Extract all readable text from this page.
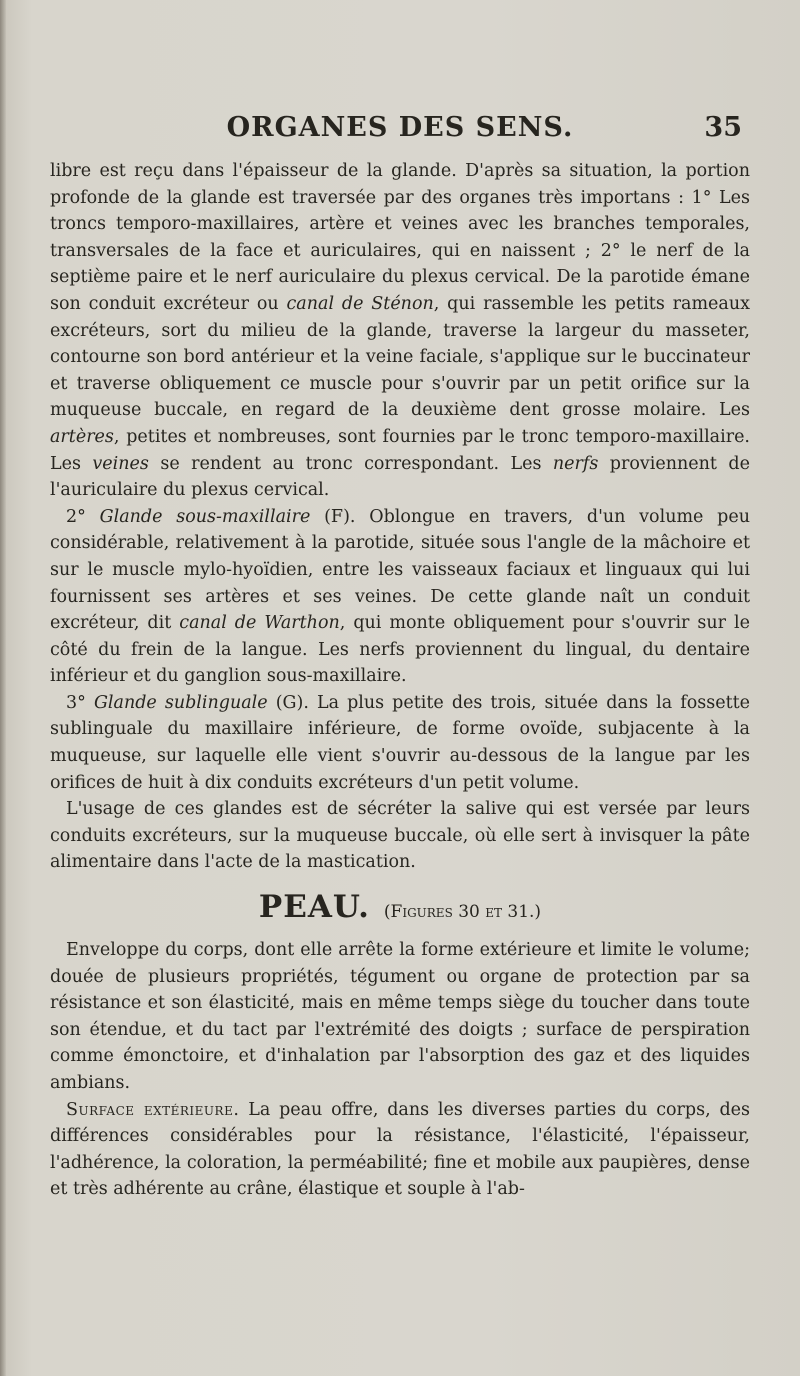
ORGANES DES SENS.	35

libre est reçu dans l'épaisseur de la glande. D'après sa situation, la portion profonde de la glande est traversée par des organes très importans : 1° Les troncs temporo-maxillaires, artère et veines avec les branches temporales, transversales de la face et auriculaires, qui en naissent ; 2° le nerf de la septième paire et le nerf auriculaire du plexus cervical. De la parotide émane son conduit excréteur ou canal de Sténon, qui rassemble les petits rameaux excréteurs, sort du milieu de la glande, traverse la largeur du masseter, contourne son bord antérieur et la veine faciale, s'applique sur le buccinateur et traverse obliquement ce muscle pour s'ouvrir par un petit orifice sur la muqueuse buccale, en regard de la deuxième dent grosse molaire. Les artères, petites et nombreuses, sont fournies par le tronc temporo-maxillaire. Les veines se rendent au tronc correspondant. Les nerfs proviennent de l'auriculaire du plexus cervical.

2° Glande sous-maxillaire (F). Oblongue en travers, d'un volume peu considérable, relativement à la parotide, située sous l'angle de la mâchoire et sur le muscle mylo-hyoïdien, entre les vaisseaux faciaux et linguaux qui lui fournissent ses artères et ses veines. De cette glande naît un conduit excréteur, dit canal de Warthon, qui monte obliquement pour s'ouvrir sur le côté du frein de la langue. Les nerfs proviennent du lingual, du dentaire inférieur et du ganglion sous-maxillaire.

3° Glande sublinguale (G). La plus petite des trois, située dans la fossette sublinguale du maxillaire inférieure, de forme ovoïde, subjacente à la muqueuse, sur laquelle elle vient s'ouvrir au-dessous de la langue par les orifices de huit à dix conduits excréteurs d'un petit volume.

L'usage de ces glandes est de sécréter la salive qui est versée par leurs conduits excréteurs, sur la muqueuse buccale, où elle sert à invisquer la pâte alimentaire dans l'acte de la mastication.

PEAU. (Figures 30 et 31.)

Enveloppe du corps, dont elle arrête la forme extérieure et limite le volume; douée de plusieurs propriétés, tégument ou organe de protection par sa résistance et son élasticité, mais en même temps siège du toucher dans toute son étendue, et du tact par l'extrémité des doigts ; surface de perspiration comme émonctoire, et d'inhalation par l'absorption des gaz et des liquides ambians.

Surface extérieure. La peau offre, dans les diverses parties du corps, des différences considérables pour la résistance, l'élasticité, l'épaisseur, l'adhérence, la coloration, la perméabilité; fine et mobile aux paupières, dense et très adhérente au crâne, élastique et souple à l'ab-
